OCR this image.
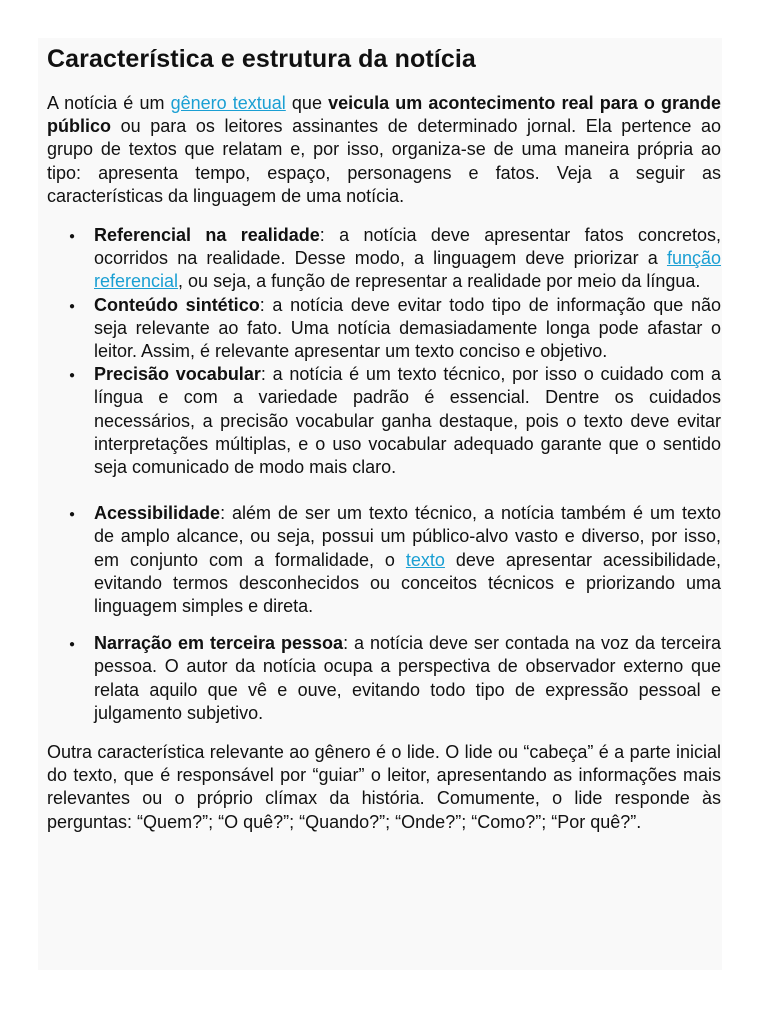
Característica e estrutura da notícia

A notícia é um gênero textual que veicula um acontecimento real para o grande público ou para os leitores assinantes de determinado jornal. Ela pertence ao grupo de textos que relatam e, por isso, organiza-se de uma maneira própria ao tipo: apresenta tempo, espaço, personagens e fatos. Veja a seguir as características da linguagem de uma notícia.

● Referencial na realidade: a notícia deve apresentar fatos concretos, ocorridos na realidade. Desse modo, a linguagem deve priorizar a função referencial, ou seja, a função de representar a realidade por meio da língua.

● Conteúdo sintético: a notícia deve evitar todo tipo de informação que não seja relevante ao fato. Uma notícia demasiadamente longa pode afastar o leitor. Assim, é relevante apresentar um texto conciso e objetivo.

● Precisão vocabular: a notícia é um texto técnico, por isso o cuidado com a língua e com a variedade padrão é essencial. Dentre os cuidados necessários, a precisão vocabular ganha destaque, pois o texto deve evitar interpretações múltiplas, e o uso vocabular adequado garante que o sentido seja comunicado de modo mais claro.

● Acessibilidade: além de ser um texto técnico, a notícia também é um texto de amplo alcance, ou seja, possui um público-alvo vasto e diverso, por isso, em conjunto com a formalidade, o texto deve apresentar acessibilidade, evitando termos desconhecidos ou conceitos técnicos e priorizando uma linguagem simples e direta.

● Narração em terceira pessoa: a notícia deve ser contada na voz da terceira pessoa. O autor da notícia ocupa a perspectiva de observador externo que relata aquilo que vê e ouve, evitando todo tipo de expressão pessoal e julgamento subjetivo.

Outra característica relevante ao gênero é o lide. O lide ou “cabeça” é a parte inicial do texto, que é responsável por “guiar” o leitor, apresentando as informações mais relevantes ou o próprio clímax da história. Comumente, o lide responde às perguntas: “Quem?”; “O quê?”; “Quando?”; “Onde?”; “Como?”; “Por quê?”.
